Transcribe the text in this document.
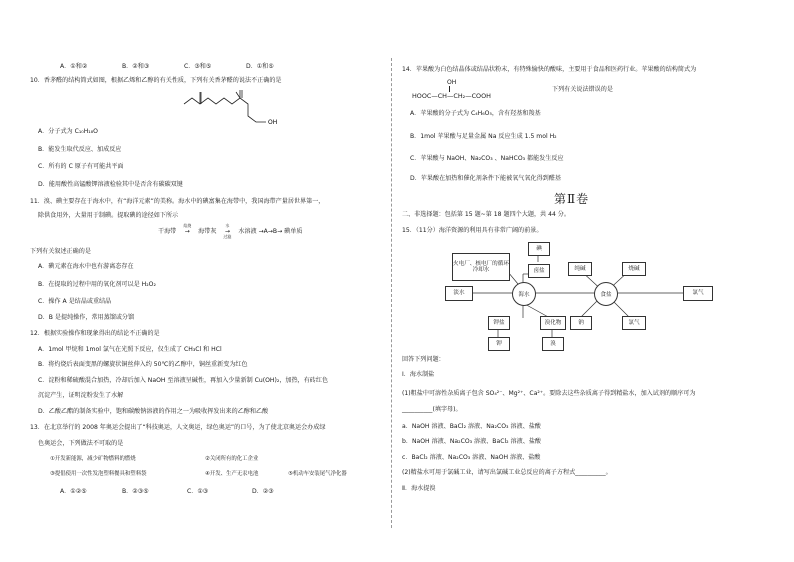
A．①和②	B．②和③	C．③和⑤	D．①和⑤
10．香茅醛的结构简式如图，根据乙烯和乙醇的有关性质，下列有关香茅醛的说法不正确的是
OH
A．分子式为 C₁₀H₁₈O
B．能发生取代反应、加成反应
C．所有的 C 原子有可能共平面
D．能用酸性高锰酸钾溶液检验其中是否含有碳碳双键
11．溴、碘主要存在于海水中，有“海洋元素”的美称。海水中的碘富集在海带中，我国海带产量居世界第一，
除供食用外，大量用于制碘。提取碘的途径如下所示
干海带
焙烧
→ 海带灰
水
→
过滤
水溶液 →A→B→ 碘单质
下列有关叙述正确的是
A．碘元素在海水中也有游离态存在
B．在提取的过程中用的氧化剂可以是 H₂O₂
C．操作 A 是结晶或重结晶
D．B 是提纯操作，常用蒸馏或分馏
12．根据实验操作和现象得出的结论不正确的是
A．1mol 甲烷和 1mol 氯气在光照下反应，仅生成了 CH₃Cl 和 HCl
B．将灼烧后表面变黑的螺旋状铜丝伸入约 50℃的乙醇中，铜丝重新变为红色
C．淀粉和稀硫酸混合加热，冷却后加入 NaOH 至溶液呈碱性，再加入少量新制 Cu(OH)₂，加热，有砖红色
沉淀产生，证明淀粉发生了水解
D．乙酸乙酯的制备实验中，饱和碳酸钠溶液的作用之一为吸收挥发出来的乙醇和乙酸
13．在北京举行的 2008 年奥运会提出了“科技奥运，人文奥运，绿色奥运”的口号，为了使北京奥运会办成绿
色奥运会，下列做法不可取的是
①开发新能源，减少矿物燃料的燃烧	②关闭所有的化工企业
③提倡使用一次性发泡塑料餐具和塑料袋	④开发、生产无汞电池	⑤机动车安装尾气净化器
A．①②⑤	B．②③⑤	C．①③	D．②③
14．苹果酸为白色结晶体或结晶状粉末，有特殊愉快的酸味，主要用于食品和医药行业。苹果酸的结构简式为
OH
HOOC—CH—CH₂—COOH
下列有关说法错误的是
A．苹果酸的分子式为 C₄H₆O₅，含有羟基和羧基
B．1mol 苹果酸与足量金属 Na 反应生成 1.5 mol H₂
C．苹果酸与 NaOH、Na₂CO₃ 、NaHCO₃ 都能发生反应
D．苹果酸在加热和催化剂条件下能被氧气氧化得到醛基
第Ⅱ卷
二、非选择题：包括第 15 题~第 18 题四个大题，共 44 分。
15．（11分）海洋资源的利用具有非常广阔的前景。
淡水
火电厂、核电厂的循环冷却水
碘
卤盐
海水	食盐
纯碱	烧碱
氯气
钠	氯气
钾盐	溴化物
钾	溴
回答下列问题：
Ⅰ．海水制盐
(1)粗盐中可溶性杂质离子包含 SO₄²⁻、Mg²⁺、Ca²⁺。要除去这些杂质离子得到精盐水，加入试剂的顺序可为
__________(填字母)。
a．NaOH 溶液、BaCl₂ 溶液、Na₂CO₃ 溶液、盐酸
b．NaOH 溶液、Na₂CO₃ 溶液、BaCl₂ 溶液、盐酸
c．BaCl₂ 溶液、Na₂CO₃ 溶液、NaOH 溶液、盐酸
(2)精盐水可用于氯碱工业，请写出氯碱工业总反应的离子方程式__________。
Ⅱ．海水提溴
